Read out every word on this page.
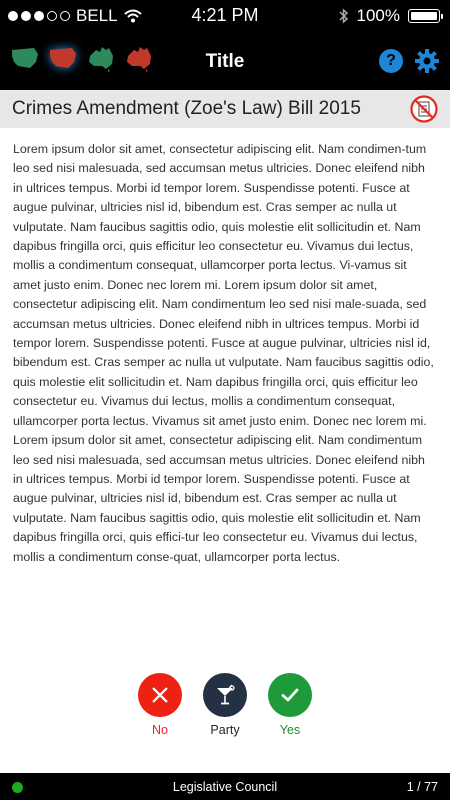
BELL	4:21 PM	100%
Title	?
Crimes Amendment (Zoe's Law) Bill 2015
Lorem ipsum dolor sit amet, consectetur adipiscing elit. Nam condimen-tum leo sed nisi malesuada, sed accumsan metus ultricies. Donec eleifend nibh in ultrices tempus. Morbi id tempor lorem. Suspendisse potenti. Fusce at augue pulvinar, ultricies nisl id, bibendum est. Cras semper ac nulla ut vulputate. Nam faucibus sagittis odio, quis molestie elit sollicitudin et. Nam dapibus fringilla orci, quis efficitur leo consectetur eu. Vivamus dui lectus, mollis a condimentum consequat, ullamcorper porta lectus. Vi-vamus sit amet justo enim. Donec nec lorem mi. Lorem ipsum dolor sit amet, consectetur adipiscing elit. Nam condimentum leo sed nisi male-suada, sed accumsan metus ultricies. Donec eleifend nibh in ultrices tempus. Morbi id tempor lorem. Suspendisse potenti. Fusce at augue pulvinar, ultricies nisl id, bibendum est. Cras semper ac nulla ut vulputate. Nam faucibus sagittis odio, quis molestie elit sollicitudin et. Nam dapibus fringilla orci, quis efficitur leo consectetur eu. Vivamus dui lectus, mollis a condimentum consequat, ullamcorper porta lectus. Vivamus sit amet justo enim. Donec nec lorem mi. Lorem ipsum dolor sit amet, consectetur adipiscing elit. Nam condimentum leo sed nisi malesuada, sed accumsan metus ultricies. Donec eleifend nibh in ultrices tempus. Morbi id tempor lorem. Suspendisse potenti. Fusce at augue pulvinar, ultricies nisl id, bibendum est. Cras semper ac nulla ut vulputate. Nam faucibus sagittis odio, quis molestie elit sollicitudin et. Nam dapibus fringilla orci, quis effici-tur leo consectetur eu. Vivamus dui lectus, mollis a condimentum conse-quat, ullamcorper porta lectus.
No	Party	Yes
Legislative Council	1 / 77
